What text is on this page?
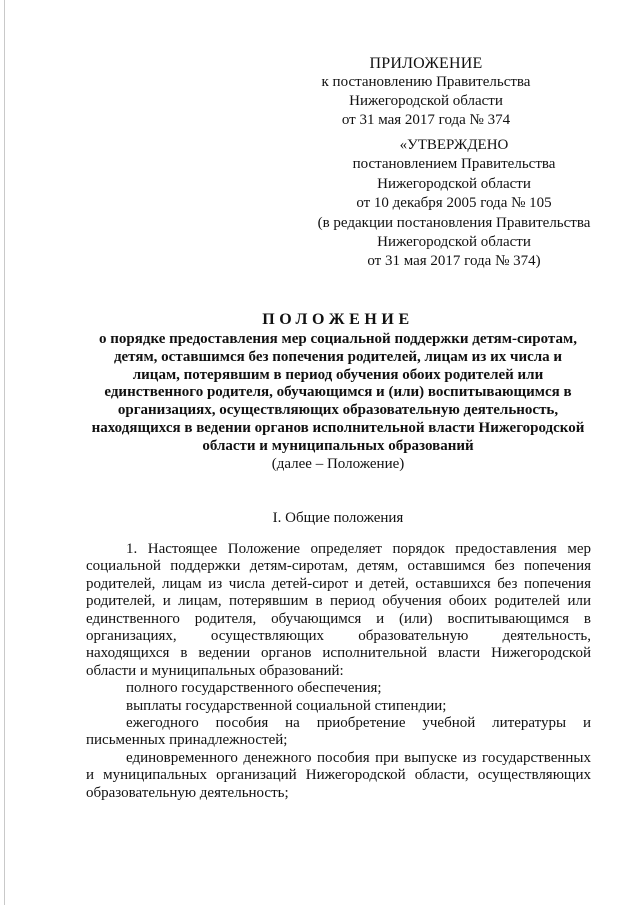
ПРИЛОЖЕНИЕ
к постановлению Правительства
Нижегородской области
от 31 мая 2017 года № 374
«УТВЕРЖДЕНО
постановлением Правительства
Нижегородской области
от 10 декабря 2005 года № 105
(в редакции постановления Правительства
Нижегородской области
от 31 мая 2017 года № 374)
ПОЛОЖЕНИЕ
о порядке предоставления мер социальной поддержки детям-сиротам,
детям, оставшимся без попечения родителей, лицам из их числа и
лицам, потерявшим в период обучения обоих родителей или
единственного родителя, обучающимся и (или) воспитывающимся в
организациях, осуществляющих образовательную деятельность,
находящихся в ведении органов исполнительной власти Нижегородской
области и муниципальных образований
(далее – Положение)
I. Общие положения

1. Настоящее Положение определяет порядок предоставления мер

социальной поддержки детям-сиротам, детям, оставшимся без попечения

родителей, лицам из числа детей-сирот и детей, оставшихся без попечения

родителей, и лицам, потерявшим в период обучения обоих родителей или

единственного родителя, обучающимся и (или) воспитывающимся в

организациях, осуществляющих образовательную деятельность,

находящихся в ведении органов исполнительной власти Нижегородской

области и муниципальных образований:

полного государственного обеспечения;

выплаты государственной социальной стипендии;

ежегодного пособия на приобретение учебной литературы и

письменных принадлежностей;

единовременного денежного пособия при выпуске из государственных

и муниципальных организаций Нижегородской области, осуществляющих

образовательную деятельность;
